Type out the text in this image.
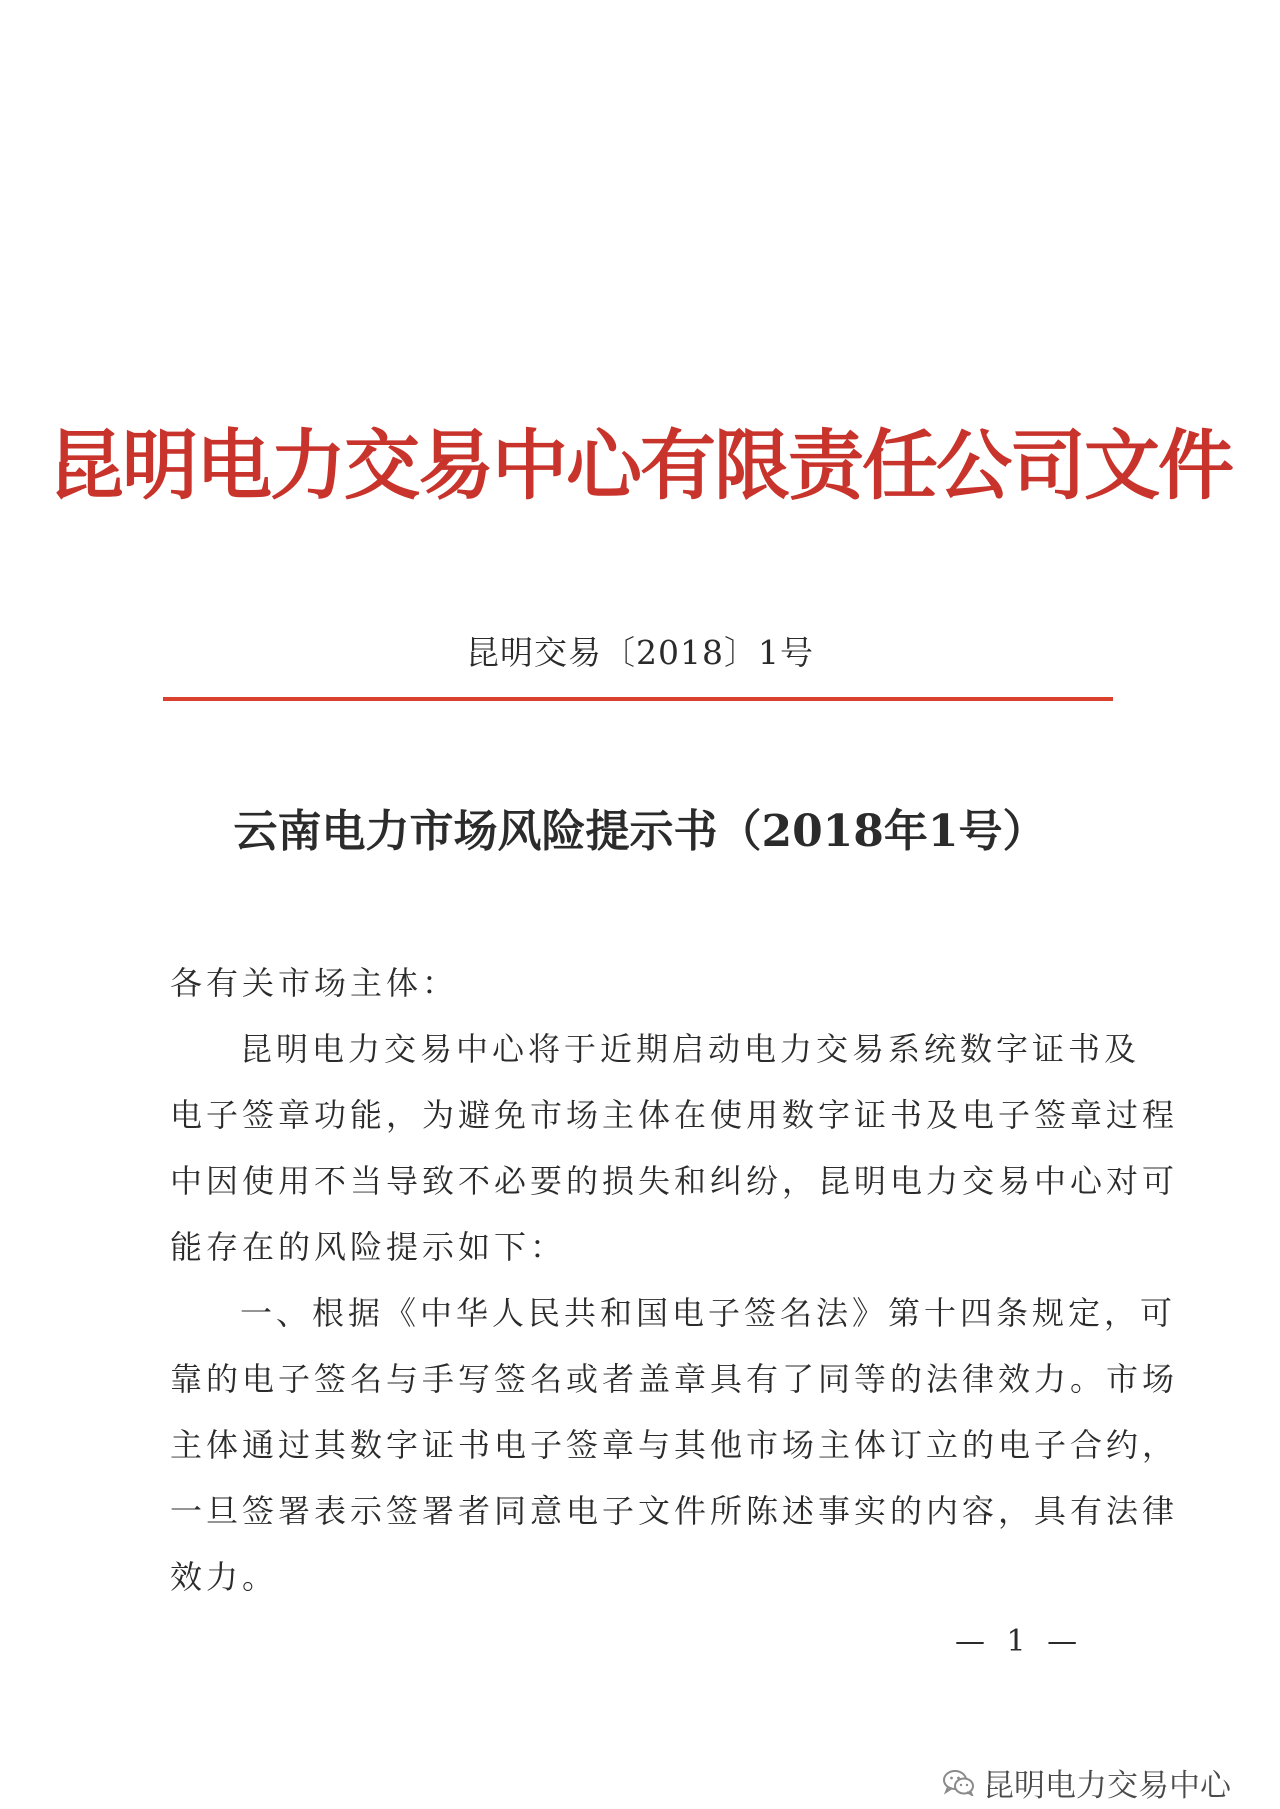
昆明电力交易中心有限责任公司文件
昆明交易〔2018〕1号
云南电力市场风险提示书（2018年1号）

各有关市场主体：

昆明电力交易中心将于近期启动电力交易系统数字证书及

电子签章功能，为避免市场主体在使用数字证书及电子签章过程

中因使用不当导致不必要的损失和纠纷，昆明电力交易中心对可

能存在的风险提示如下：

一、根据《中华人民共和国电子签名法》第十四条规定，可

靠的电子签名与手写签名或者盖章具有了同等的法律效力。市场

主体通过其数字证书电子签章与其他市场主体订立的电子合约，

一旦签署表示签署者同意电子文件所陈述事实的内容，具有法律

效力。

— 1 —
昆明电力交易中心
